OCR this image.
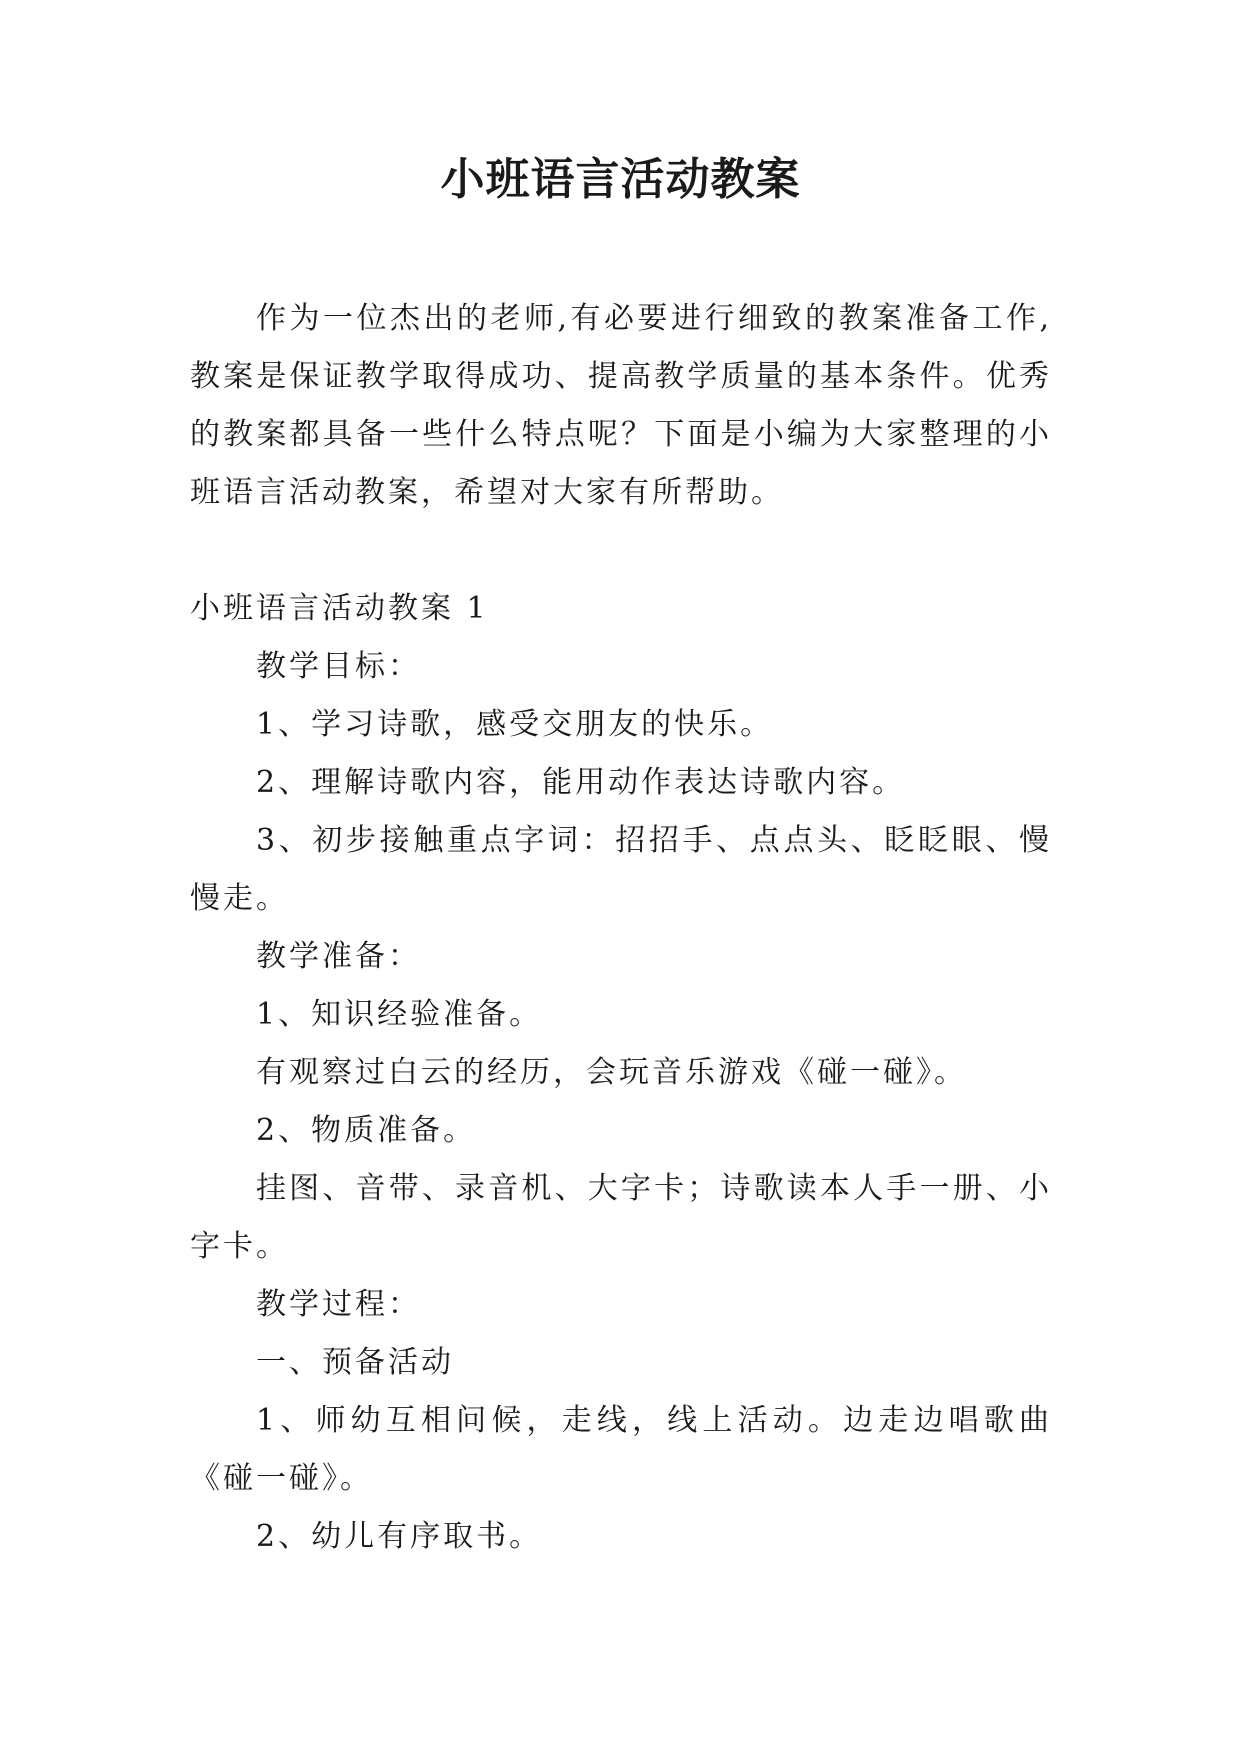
小班语言活动教案

作为一位杰出的老师,有必要进行细致的教案准备工作,教案是保证教学取得成功、提高教学质量的基本条件。优秀的教案都具备一些什么特点呢？下面是小编为大家整理的小班语言活动教案，希望对大家有所帮助。

小班语言活动教案 1

教学目标：

1、学习诗歌，感受交朋友的快乐。

2、理解诗歌内容，能用动作表达诗歌内容。

3、初步接触重点字词：招招手、点点头、眨眨眼、慢慢走。

教学准备：

1、知识经验准备。

有观察过白云的经历，会玩音乐游戏《碰一碰》。

2、物质准备。

挂图、音带、录音机、大字卡；诗歌读本人手一册、小字卡。

教学过程：

一、预备活动

1、师幼互相问候，走线，线上活动。边走边唱歌曲《碰一碰》。

2、幼儿有序取书。
